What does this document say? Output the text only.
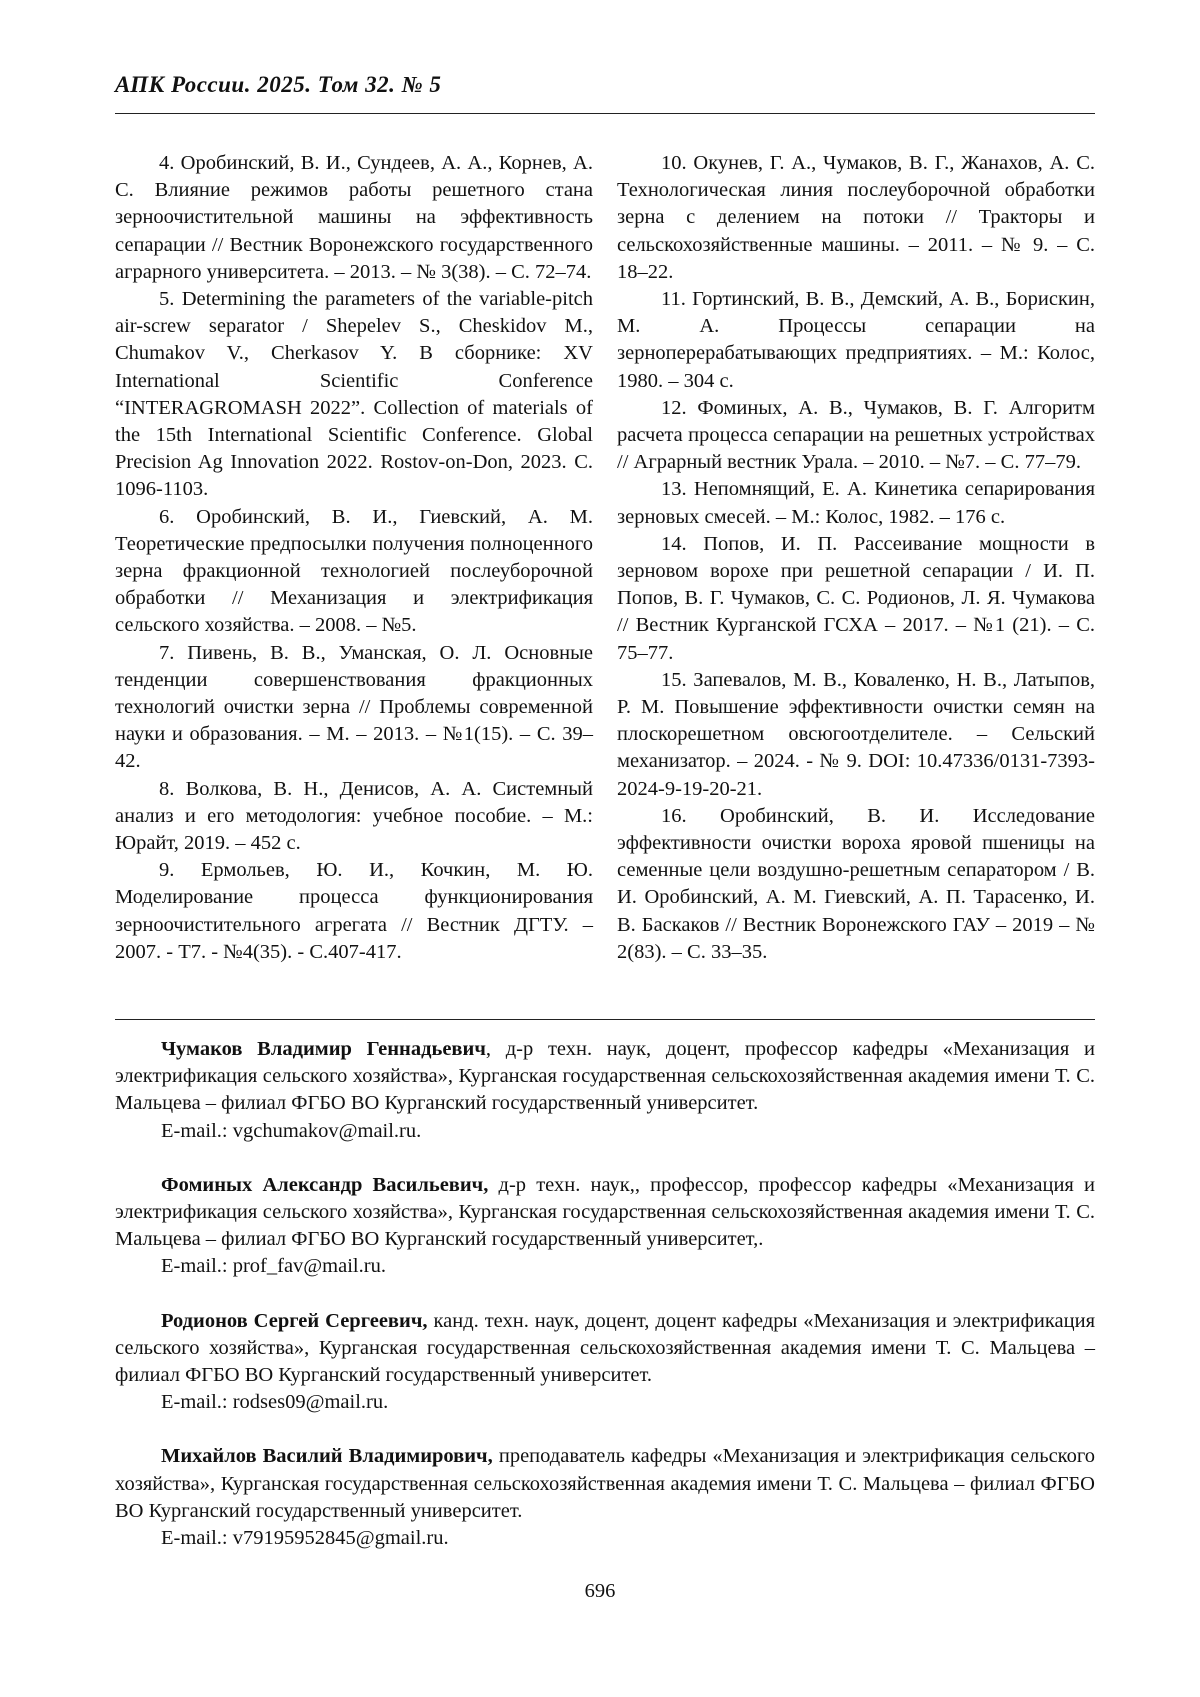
АПК России. 2025. Том 32. № 5

4. Оробинский, В. И., Сундеев, А. А., Корнев, А. С. Влияние режимов работы решетного стана зерноочистительной машины на эффективность сепарации // Вестник Воронежского государственного аграрного университета. – 2013. – № 3(38). – С. 72–74.

5. Determining the parameters of the variable-pitch air-screw separator / Shepelev S., Cheskidov M., Chumakov V., Cherkasov Y. В сборнике: XV International Scientific Conference “INTERAGROMASH 2022”. Collection of materials of the 15th International Scientific Conference. Global Precision Ag Innovation 2022. Rostov-on-Don, 2023. С. 1096-1103.

6. Оробинский, В. И., Гиевский, А. М. Теоретические предпосылки получения полноценного зерна фракционной технологией послеуборочной обработки // Механизация и электрификация сельского хозяйства. – 2008. – №5.

7. Пивень, В. В., Уманская, О. Л. Основные тенденции совершенствования фракционных технологий очистки зерна // Проблемы современной науки и образования. – М. – 2013. – №1(15). – С. 39–42.

8. Волкова, В. Н., Денисов, А. А. Системный анализ и его методология: учебное пособие. – М.: Юрайт, 2019. – 452 с.

9. Ермольев, Ю. И., Кочкин, М. Ю. Моделирование процесса функционирования зерноочистительного агрегата // Вестник ДГТУ. – 2007. - Т7. - №4(35). - С.407-417.

10. Окунев, Г. А., Чумаков, В. Г., Жанахов, А. С. Технологическая линия послеуборочной обработки зерна с делением на потоки // Тракторы и сельскохозяйственные машины. – 2011. – № 9. – С. 18–22.

11. Гортинский, В. В., Демский, А. В., Борискин, М. А. Процессы сепарации на зерноперерабатывающих предприятиях. – М.: Колос, 1980. – 304 с.

12. Фоминых, А. В., Чумаков, В. Г. Алгоритм расчета процесса сепарации на решетных устройствах // Аграрный вестник Урала. – 2010. – №7. – С. 77–79.

13. Непомнящий, Е. А. Кинетика сепарирования зерновых смесей. – М.: Колос, 1982. – 176 с.

14. Попов, И. П. Рассеивание мощности в зерновом ворохе при решетной сепарации / И. П. Попов, В. Г. Чумаков, С. С. Родионов, Л. Я. Чумакова // Вестник Курганской ГСХА – 2017. – №1 (21). – С. 75–77.

15. Запевалов, М. В., Коваленко, Н. В., Латыпов, Р. М. Повышение эффективности очистки семян на плоскорешетном овсюгоотделителе. – Сельский механизатор. – 2024. - № 9. DOI: 10.47336/0131-7393-2024-9-19-20-21.

16. Оробинский, В. И. Исследование эффективности очистки вороха яровой пшеницы на семенные цели воздушно-решетным сепаратором / В. И. Оробинский, А. М. Гиевский, А. П. Тарасенко, И. В. Баскаков // Вестник Воронежского ГАУ – 2019 – № 2(83). – С. 33–35.

Чумаков Владимир Геннадьевич, д-р техн. наук, доцент, профессор кафедры «Механизация и электрификация сельского хозяйства», Курганская государственная сельскохозяйственная академия имени Т. С. Мальцева – филиал ФГБО ВО Курганский государственный университет.

E-mail.: vgchumakov@mail.ru.

Фоминых Александр Васильевич, д-р техн. наук,, профессор, профессор кафедры «Механизация и электрификация сельского хозяйства», Курганская государственная сельскохозяйственная академия имени Т. С. Мальцева – филиал ФГБО ВО Курганский государственный университет,.

E-mail.: prof_fav@mail.ru.

Родионов Сергей Сергеевич, канд. техн. наук, доцент, доцент кафедры «Механизация и электрификация сельского хозяйства», Курганская государственная сельскохозяйственная академия имени Т. С. Мальцева – филиал ФГБО ВО Курганский государственный университет.

E-mail.: rodses09@mail.ru.

Михайлов Василий Владимирович, преподаватель кафедры «Механизация и электрификация сельского хозяйства», Курганская государственная сельскохозяйственная академия имени Т. С. Мальцева – филиал ФГБО ВО Курганский государственный университет.

E-mail.: v79195952845@gmail.ru.

696
